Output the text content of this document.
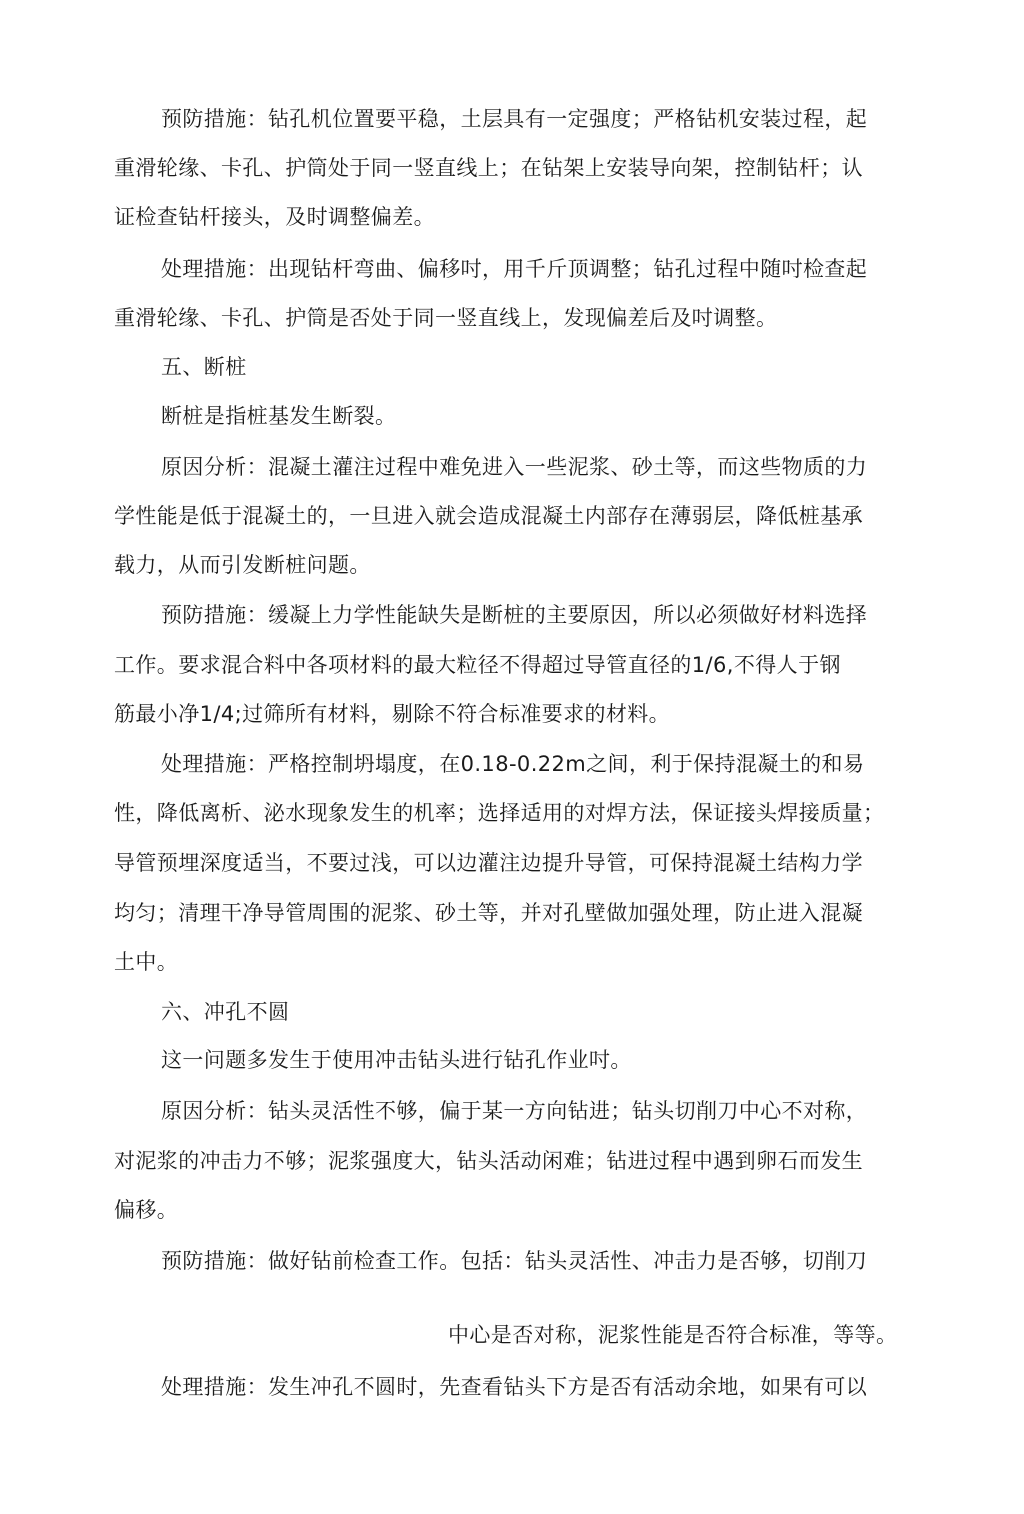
预防措施：钻孔机位置要平稳，土层具有一定强度；严格钻机安装过程，起
重滑轮缘、卡孔、护筒处于同一竖直线上；在钻架上安装导向架，控制钻杆；认
证检查钻杆接头，及时调整偏差。
处理措施：出现钻杆弯曲、偏移吋，用千斤顶调整；钻孔过程中随吋检查起
重滑轮缘、卡孔、护筒是否处于同一竖直线上，发现偏差后及吋调整。
五、断桩
断桩是指桩基发生断裂。
原因分析：混凝土灌注过程中难免进入一些泥浆、砂土等，而这些物质的力
学性能是低于混凝土的，一旦进入就会造成混凝土内部存在薄弱层，降低桩基承
载力，从而引发断桩问题。
预防措施：缓凝上力学性能缺失是断桩的主要原因，所以必须做好材料选择
工作。要求混合料中各项材料的最大粒径不得超过导管直径的1/6,不得人于钢
筋最小净1/4;过筛所有材料，剔除不符合标准要求的材料。
处理措施：严格控制坍塌度，在0.18-0.22m之间，利于保持混凝土的和易
性，降低离析、泌水现象发生的机率；选择适用的对焊方法，保证接头焊接质量；
导管预埋深度适当，不要过浅，可以边灌注边提升导管，可保持混凝土结构力学
均匀；清理干净导管周围的泥浆、砂土等，并对孔壁做加强处理，防止进入混凝
土中。
六、冲孔不圆
这一问题多发生于使用冲击钻头进行钻孔作业吋。
原因分析：钻头灵活性不够，偏于某一方向钻进；钻头切削刀中心不对称，
对泥浆的冲击力不够；泥浆强度大，钻头活动闲难；钻进过程中遇到卵石而发生
偏移。
预防措施：做好钻前检查工作。包括：钻头灵活性、冲击力是否够，切削刀
中心是否对称，泥浆性能是否符合标准，等等。
处理措施：发生冲孔不圆时，先查看钻头下方是否有活动余地，如果有可以
